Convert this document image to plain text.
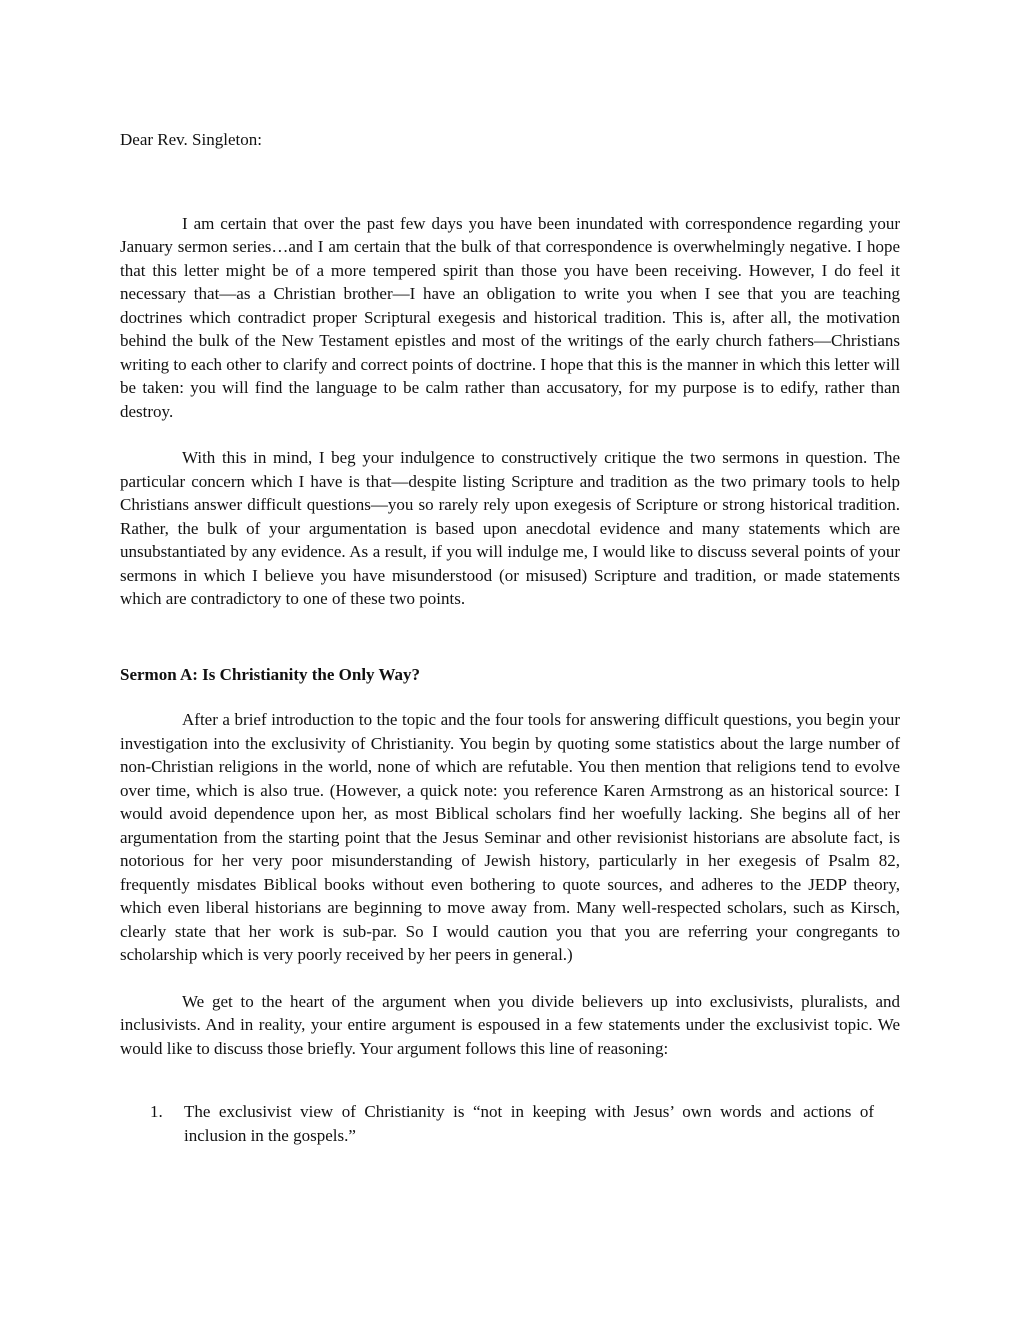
Dear Rev. Singleton:

I am certain that over the past few days you have been inundated with correspondence regarding your January sermon series…and I am certain that the bulk of that correspondence is overwhelmingly negative. I hope that this letter might be of a more tempered spirit than those you have been receiving. However, I do feel it necessary that—as a Christian brother—I have an obligation to write you when I see that you are teaching doctrines which contradict proper Scriptural exegesis and historical tradition. This is, after all, the motivation behind the bulk of the New Testament epistles and most of the writings of the early church fathers—Christians writing to each other to clarify and correct points of doctrine. I hope that this is the manner in which this letter will be taken: you will find the language to be calm rather than accusatory, for my purpose is to edify, rather than destroy.

With this in mind, I beg your indulgence to constructively critique the two sermons in question. The particular concern which I have is that—despite listing Scripture and tradition as the two primary tools to help Christians answer difficult questions—you so rarely rely upon exegesis of Scripture or strong historical tradition. Rather, the bulk of your argumentation is based upon anecdotal evidence and many statements which are unsubstantiated by any evidence. As a result, if you will indulge me, I would like to discuss several points of your sermons in which I believe you have misunderstood (or misused) Scripture and tradition, or made statements which are contradictory to one of these two points.

Sermon A: Is Christianity the Only Way?

After a brief introduction to the topic and the four tools for answering difficult questions, you begin your investigation into the exclusivity of Christianity. You begin by quoting some statistics about the large number of non-Christian religions in the world, none of which are refutable. You then mention that religions tend to evolve over time, which is also true. (However, a quick note: you reference Karen Armstrong as an historical source: I would avoid dependence upon her, as most Biblical scholars find her woefully lacking. She begins all of her argumentation from the starting point that the Jesus Seminar and other revisionist historians are absolute fact, is notorious for her very poor misunderstanding of Jewish history, particularly in her exegesis of Psalm 82, frequently misdates Biblical books without even bothering to quote sources, and adheres to the JEDP theory, which even liberal historians are beginning to move away from. Many well-respected scholars, such as Kirsch, clearly state that her work is sub-par. So I would caution you that you are referring your congregants to scholarship which is very poorly received by her peers in general.)

We get to the heart of the argument when you divide believers up into exclusivists, pluralists, and inclusivists. And in reality, your entire argument is espoused in a few statements under the exclusivist topic. We would like to discuss those briefly. Your argument follows this line of reasoning:

1.	The exclusivist view of Christianity is “not in keeping with Jesus’ own words and actions of inclusion in the gospels.”
